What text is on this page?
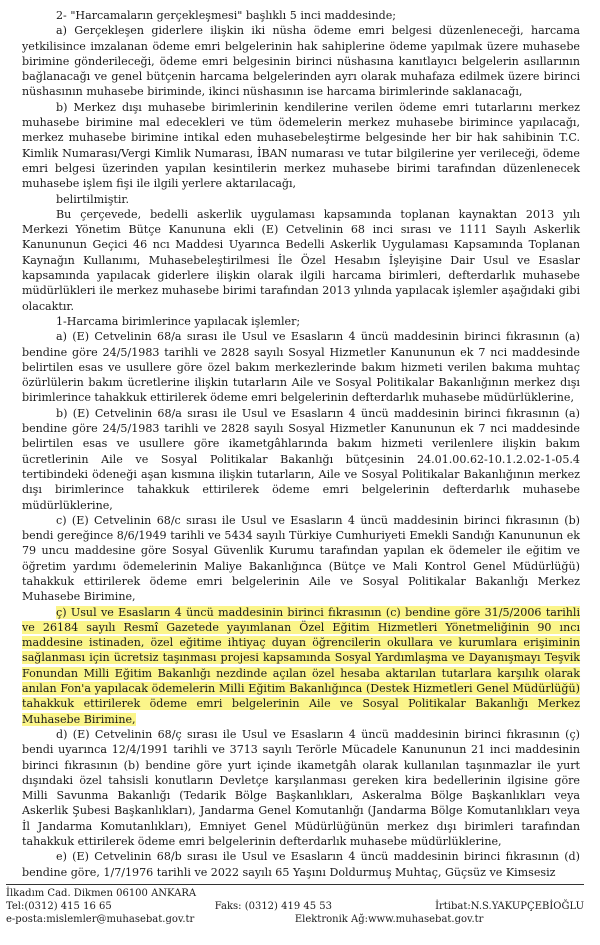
2- "Harcamaların gerçekleşmesi" başlıklı 5 inci maddesinde;

a) Gerçekleşen giderlere ilişkin iki nüsha ödeme emri belgesi düzenleneceği, harcama yetkilisince imzalanan ödeme emri belgelerinin hak sahiplerine ödeme yapılmak üzere muhasebe birimine gönderileceği, ödeme emri belgesinin birinci nüshasına kanıtlayıcı belgelerin asıllarının bağlanacağı ve genel bütçenin harcama belgelerinden ayrı olarak muhafaza edilmek üzere birinci nüshasının muhasebe biriminde, ikinci nüshasının ise harcama birimlerinde saklanacağı,

b) Merkez dışı muhasebe birimlerinin kendilerine verilen ödeme emri tutarlarını merkez muhasebe birimine mal edecekleri ve tüm ödemelerin merkez muhasebe birimince yapılacağı, merkez muhasebe birimine intikal eden muhasebeleştirme belgesinde her bir hak sahibinin T.C. Kimlik Numarası/Vergi Kimlik Numarası, İBAN numarası ve tutar bilgilerine yer verileceği, ödeme emri belgesi üzerinden yapılan kesintilerin merkez muhasebe birimi tarafından düzenlenecek muhasebe işlem fişi ile ilgili yerlere aktarılacağı,

belirtilmiştir.

Bu çerçevede, bedelli askerlik uygulaması kapsamında toplanan kaynaktan 2013 yılı Merkezi Yönetim Bütçe Kanununa ekli (E) Cetvelinin 68 inci sırası ve 1111 Sayılı Askerlik Kanununun Geçici 46 ncı Maddesi Uyarınca Bedelli Askerlik Uygulaması Kapsamında Toplanan Kaynağın Kullanımı, Muhasebeleştirilmesi İle Özel Hesabın İşleyişine Dair Usul ve Esaslar kapsamında yapılacak giderlere ilişkin olarak ilgili harcama birimleri, defterdarlık muhasebe müdürlükleri ile merkez muhasebe birimi tarafından 2013 yılında yapılacak işlemler aşağıdaki gibi olacaktır.

1-Harcama birimlerince yapılacak işlemler;

a) (E) Cetvelinin 68/a sırası ile Usul ve Esasların 4 üncü maddesinin birinci fıkrasının (a) bendine göre 24/5/1983 tarihli ve 2828 sayılı Sosyal Hizmetler Kanununun ek 7 nci maddesinde belirtilen esas ve usullere göre özel bakım merkezlerinde bakım hizmeti verilen bakıma muhtaç özürlülerin bakım ücretlerine ilişkin tutarların Aile ve Sosyal Politikalar Bakanlığının merkez dışı birimlerince tahakkuk ettirilerek ödeme emri belgelerinin defterdarlık muhasebe müdürlüklerine,

b) (E) Cetvelinin 68/a sırası ile Usul ve Esasların 4 üncü maddesinin birinci fıkrasının (a) bendine göre 24/5/1983 tarihli ve 2828 sayılı Sosyal Hizmetler Kanununun ek 7 nci maddesinde belirtilen esas ve usullere göre ikametgâhlarında bakım hizmeti verilenlere ilişkin bakım ücretlerinin Aile ve Sosyal Politikalar Bakanlığı bütçesinin 24.01.00.62-10.1.2.02-1-05.4 tertibindeki ödeneği aşan kısmına ilişkin tutarların, Aile ve Sosyal Politikalar Bakanlığının merkez dışı birimlerince tahakkuk ettirilerek ödeme emri belgelerinin defterdarlık muhasebe müdürlüklerine,

c) (E) Cetvelinin 68/c sırası ile Usul ve Esasların 4 üncü maddesinin birinci fıkrasının (b) bendi gereğince 8/6/1949 tarihli ve 5434 sayılı Türkiye Cumhuriyeti Emekli Sandığı Kanununun ek 79 uncu maddesine göre Sosyal Güvenlik Kurumu tarafından yapılan ek ödemeler ile eğitim ve öğretim yardımı ödemelerinin Maliye Bakanlığınca (Bütçe ve Mali Kontrol Genel Müdürlüğü) tahakkuk ettirilerek ödeme emri belgelerinin Aile ve Sosyal Politikalar Bakanlığı Merkez Muhasebe Birimine,

ç) Usul ve Esasların 4 üncü maddesinin birinci fıkrasının (c) bendine göre 31/5/2006 tarihli ve 26184 sayılı Resmî Gazetede yayımlanan Özel Eğitim Hizmetleri Yönetmeliğinin 90 ıncı maddesine istinaden, özel eğitime ihtiyaç duyan öğrencilerin okullara ve kurumlara erişiminin sağlanması için ücretsiz taşınması projesi kapsamında Sosyal Yardımlaşma ve Dayanışmayı Teşvik Fonundan Milli Eğitim Bakanlığı nezdinde açılan özel hesaba aktarılan tutarlara karşılık olarak anılan Fon'a yapılacak ödemelerin Milli Eğitim Bakanlığınca (Destek Hizmetleri Genel Müdürlüğü) tahakkuk ettirilerek ödeme emri belgelerinin Aile ve Sosyal Politikalar Bakanlığı Merkez Muhasebe Birimine,

d) (E) Cetvelinin 68/ç sırası ile Usul ve Esasların 4 üncü maddesinin birinci fıkrasının (ç) bendi uyarınca 12/4/1991 tarihli ve 3713 sayılı Terörle Mücadele Kanununun 21 inci maddesinin birinci fıkrasının (b) bendine göre yurt içinde ikametgâh olarak kullanılan taşınmazlar ile yurt dışındaki özel tahsisli konutların Devletçe karşılanması gereken kira bedellerinin ilgisine göre Milli Savunma Bakanlığı (Tedarik Bölge Başkanlıkları, Askeralma Bölge Başkanlıkları veya Askerlik Şubesi Başkanlıkları), Jandarma Genel Komutanlığı (Jandarma Bölge Komutanlıkları veya İl Jandarma Komutanlıkları), Emniyet Genel Müdürlüğünün merkez dışı birimleri tarafından tahakkuk ettirilerek ödeme emri belgelerinin defterdarlık muhasebe müdürlüklerine,

e) (E) Cetvelinin 68/b sırası ile Usul ve Esasların 4 üncü maddesinin birinci fıkrasının (d) bendine göre, 1/7/1976 tarihli ve 2022 sayılı 65 Yaşını Doldurmuş Muhtaç, Güçsüz ve Kimsesiz

İlkadım Cad. Dikmen 06100 ANKARA
Tel:(0312) 415 16 65	Faks: (0312) 419 45 53	İrtibat:N.S.YAKUPÇEBİOĞLU
e-posta:mislemler@muhasebat.gov.tr	Elektronik Ağ:www.muhasebat.gov.tr
